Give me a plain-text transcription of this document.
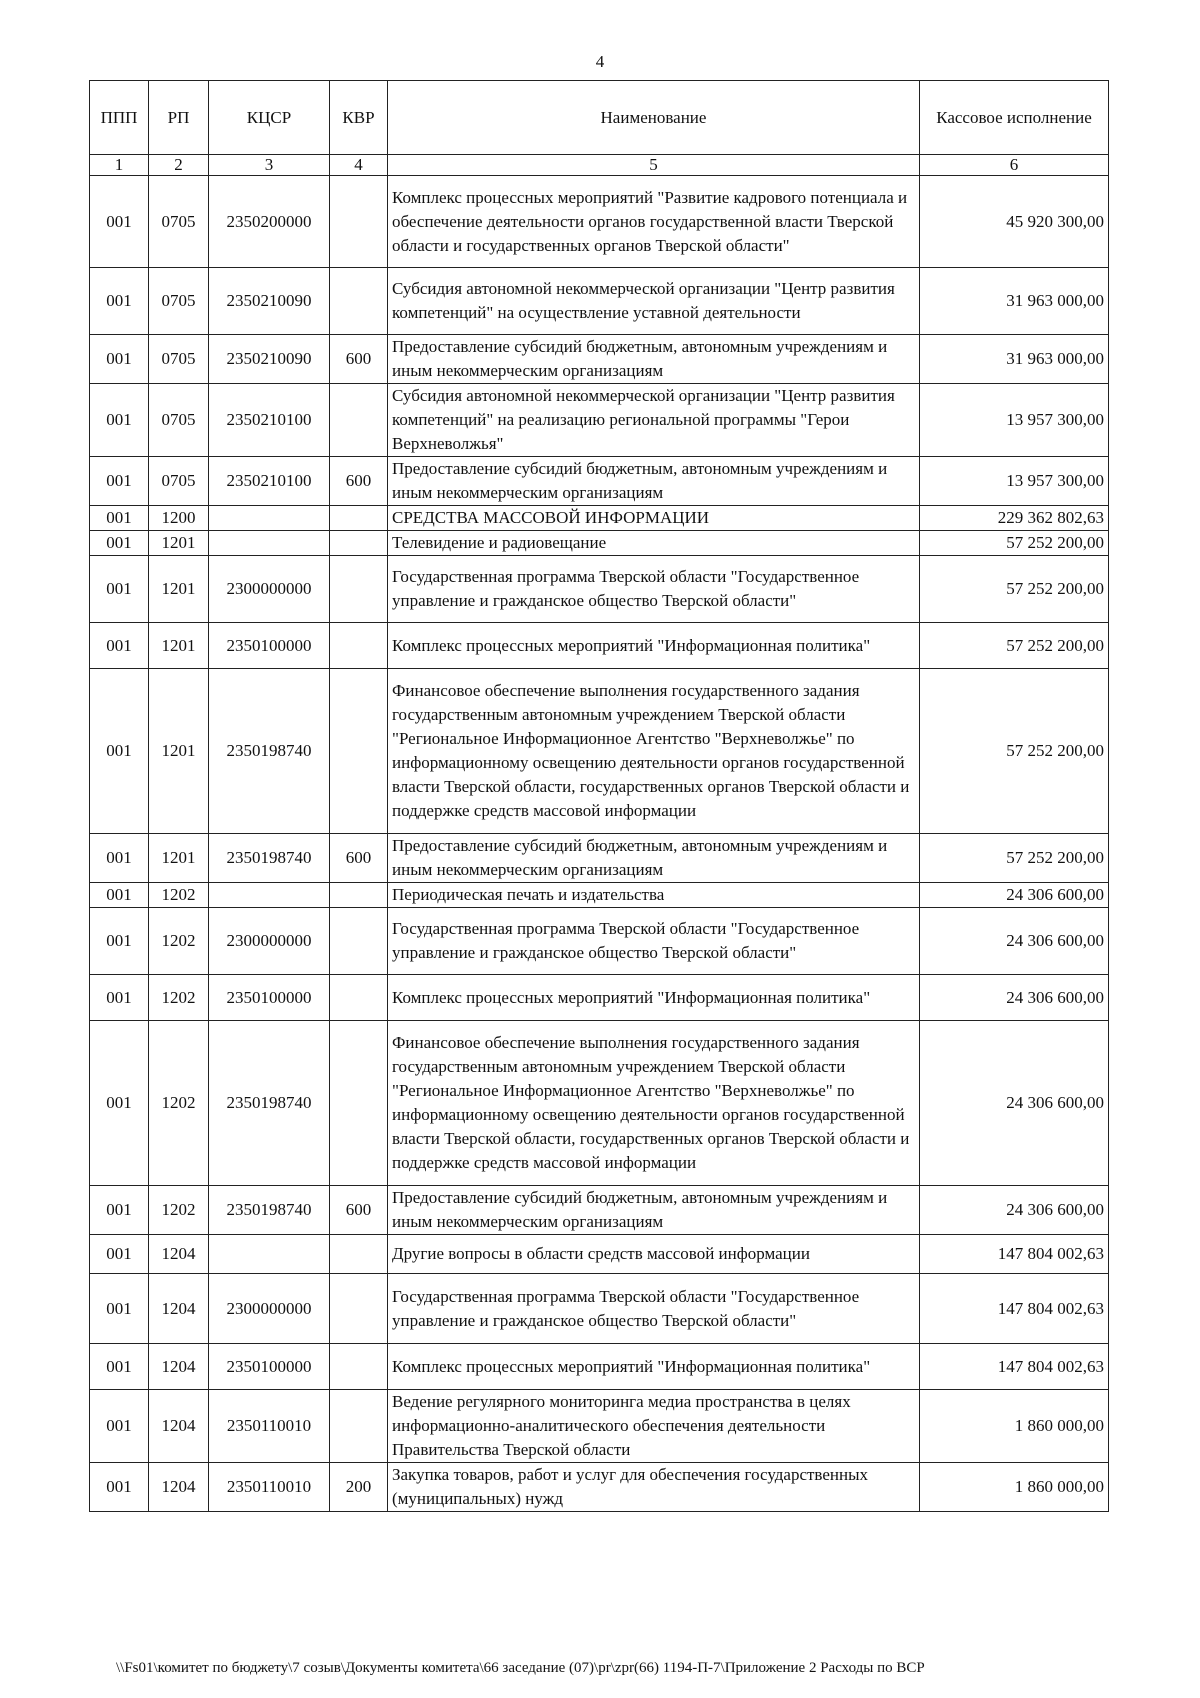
4
ППП	РП	КЦСР	КВР	Наименование	Кассовое исполнение
1	2	3	4	5	6
001	0705	2350200000		Комплекс процессных мероприятий "Развитие кадрового потенциала и обеспечение деятельности органов государственной власти Тверской области и государственных органов Тверской области"	45 920 300,00
001	0705	2350210090		Субсидия автономной некоммерческой организации "Центр развития компетенций" на осуществление уставной деятельности	31 963 000,00
001	0705	2350210090	600	Предоставление субсидий бюджетным, автономным учреждениям и иным некоммерческим организациям	31 963 000,00
001	0705	2350210100		Субсидия автономной некоммерческой организации "Центр развития компетенций" на реализацию региональной программы "Герои Верхневолжья"	13 957 300,00
001	0705	2350210100	600	Предоставление субсидий бюджетным, автономным учреждениям и иным некоммерческим организациям	13 957 300,00
001	1200			СРЕДСТВА МАССОВОЙ ИНФОРМАЦИИ	229 362 802,63
001	1201			Телевидение и радиовещание	57 252 200,00
001	1201	2300000000		Государственная программа Тверской области "Государственное управление и гражданское общество Тверской области"	57 252 200,00
001	1201	2350100000		Комплекс процессных мероприятий "Информационная политика"	57 252 200,00
001	1201	2350198740		Финансовое обеспечение выполнения государственного задания государственным автономным учреждением Тверской области "Региональное Информационное Агентство "Верхневолжье" по информационному освещению деятельности органов государственной власти Тверской области, государственных органов Тверской области и поддержке средств массовой информации	57 252 200,00
001	1201	2350198740	600	Предоставление субсидий бюджетным, автономным учреждениям и иным некоммерческим организациям	57 252 200,00
001	1202			Периодическая печать и издательства	24 306 600,00
001	1202	2300000000		Государственная программа Тверской области "Государственное управление и гражданское общество Тверской области"	24 306 600,00
001	1202	2350100000		Комплекс процессных мероприятий "Информационная политика"	24 306 600,00
001	1202	2350198740		Финансовое обеспечение выполнения государственного задания государственным автономным учреждением Тверской области "Региональное Информационное Агентство "Верхневолжье" по информационному освещению деятельности органов государственной власти Тверской области, государственных органов Тверской области и поддержке средств массовой информации	24 306 600,00
001	1202	2350198740	600	Предоставление субсидий бюджетным, автономным учреждениям и иным некоммерческим организациям	24 306 600,00
001	1204			Другие вопросы в области средств массовой информации	147 804 002,63
001	1204	2300000000		Государственная программа Тверской области "Государственное управление и гражданское общество Тверской области"	147 804 002,63
001	1204	2350100000		Комплекс процессных мероприятий "Информационная политика"	147 804 002,63
001	1204	2350110010		Ведение регулярного мониторинга медиа пространства в целях информационно-аналитического обеспечения деятельности Правительства Тверской области	1 860 000,00
001	1204	2350110010	200	Закупка товаров, работ и услуг для обеспечения государственных (муниципальных) нужд	1 860 000,00
\\Fs01\комитет по бюджету\7 созыв\Документы комитета\66 заседание (07)\pr\zpr(66) 1194-П-7\Приложение 2 Расходы по ВСР
